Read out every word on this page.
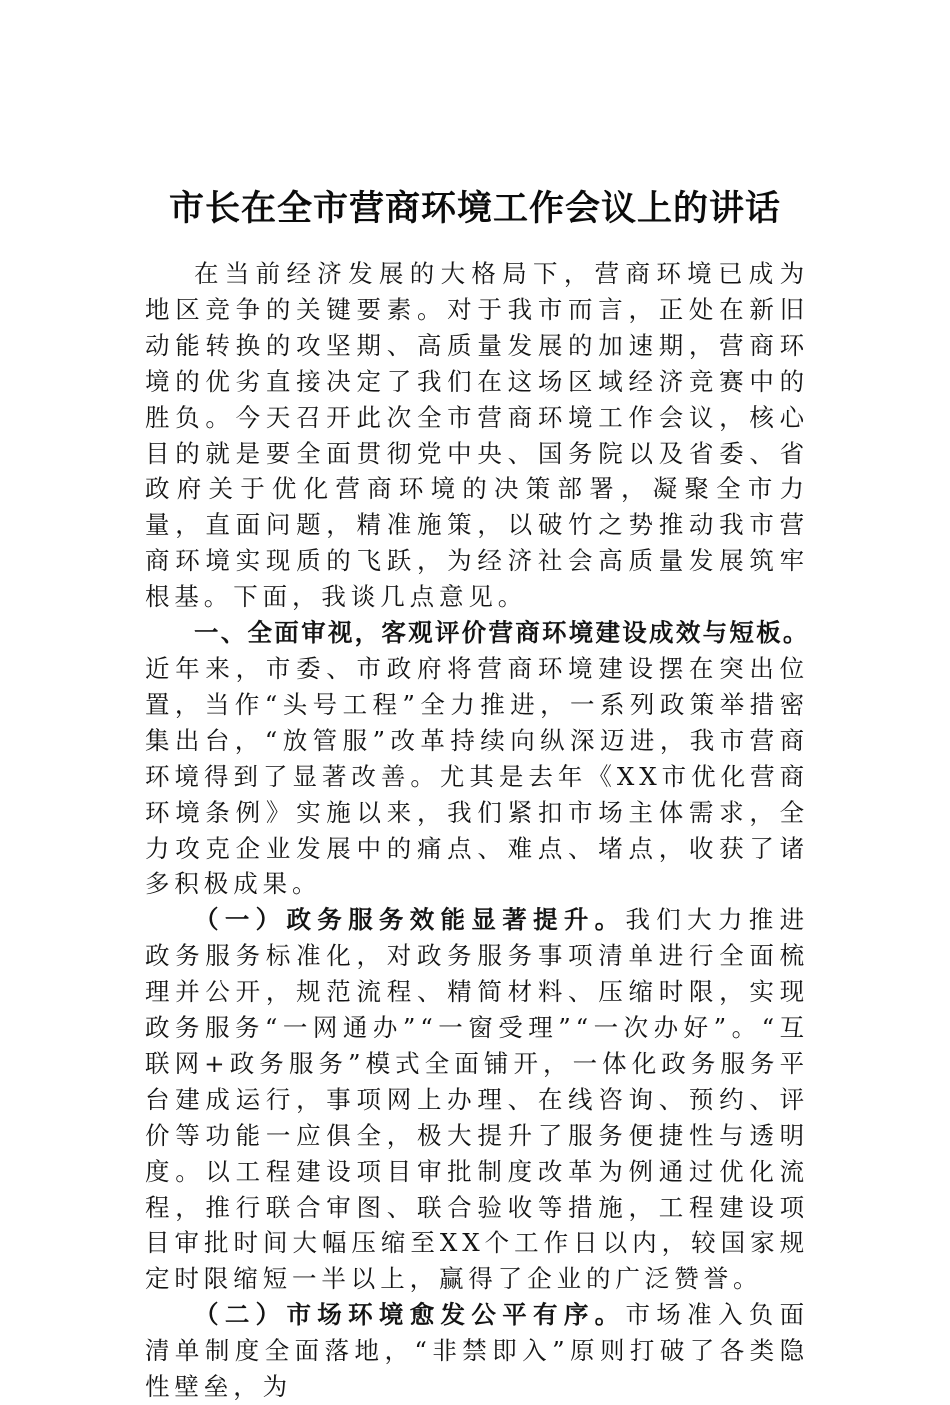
市长在全市营商环境工作会议上的讲话

在当前经济发展的大格局下，营商环境已成为地区竞争的关键要素。对于我市而言，正处在新旧动能转换的攻坚期、高质量发展的加速期，营商环境的优劣直接决定了我们在这场区域经济竞赛中的胜负。今天召开此次全市营商环境工作会议，核心目的就是要全面贯彻党中央、国务院以及省委、省政府关于优化营商环境的决策部署，凝聚全市力量，直面问题，精准施策，以破竹之势推动我市营商环境实现质的飞跃，为经济社会高质量发展筑牢根基。下面，我谈几点意见。

一、全面审视，客观评价营商环境建设成效与短板。近年来，市委、市政府将营商环境建设摆在突出位置，当作“头号工程”全力推进，一系列政策举措密集出台，“放管服”改革持续向纵深迈进，我市营商环境得到了显著改善。尤其是去年《XX市优化营商环境条例》实施以来，我们紧扣市场主体需求，全力攻克企业发展中的痛点、难点、堵点，收获了诸多积极成果。

（一）政务服务效能显著提升。我们大力推进政务服务标准化，对政务服务事项清单进行全面梳理并公开，规范流程、精简材料、压缩时限，实现政务服务“一网通办”“一窗受理”“一次办好”。“互联网+政务服务”模式全面铺开，一体化政务服务平台建成运行，事项网上办理、在线咨询、预约、评价等功能一应俱全，极大提升了服务便捷性与透明度。以工程建设项目审批制度改革为例通过优化流程，推行联合审图、联合验收等措施，工程建设项目审批时间大幅压缩至XX个工作日以内，较国家规定时限缩短一半以上，赢得了企业的广泛赞誉。

（二）市场环境愈发公平有序。市场准入负面清单制度全面落地，“非禁即入”原则打破了各类隐性壁垒，为
